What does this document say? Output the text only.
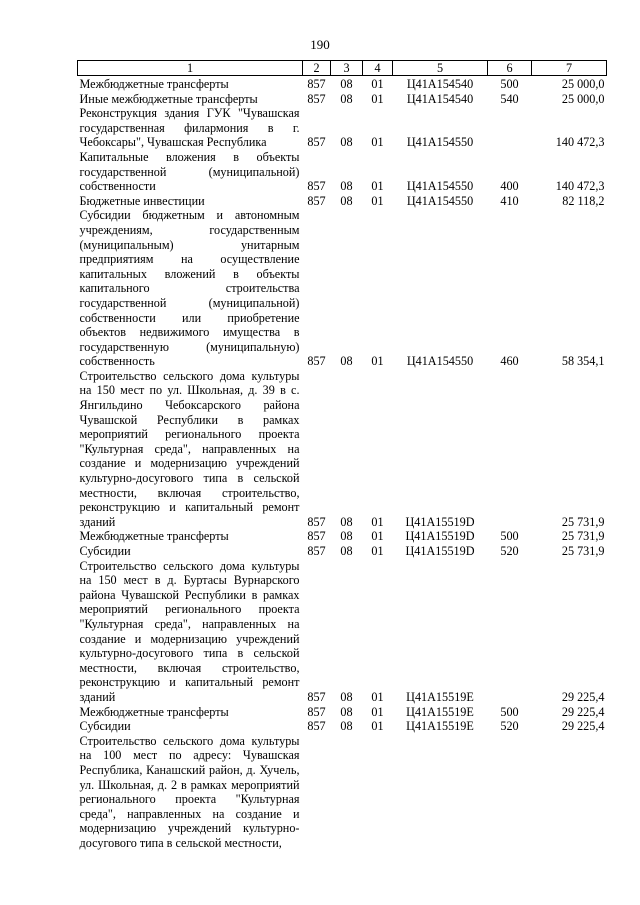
190
1	2	3	4	5	6	7
Межбюджетные трансферты	857	08	01	Ц41A154540	500	25 000,0
Иные межбюджетные трансферты	857	08	01	Ц41A154540	540	25 000,0
Реконструкция здания ГУК "Чувашская государственная филармония в г. Чебоксары", Чувашская Республика	857	08	01	Ц41A154550		140 472,3
Капитальные вложения в объекты государственной (муниципальной) собственности	857	08	01	Ц41A154550	400	140 472,3
Бюджетные инвестиции	857	08	01	Ц41A154550	410	82 118,2
Субсидии бюджетным и автономным учреждениям, государственным (муниципальным) унитарным предприятиям на осуществление капитальных вложений в объекты капитального строительства государственной (муниципальной) собственности или приобретение объектов недвижимого имущества в государственную (муниципальную) собственность	857	08	01	Ц41A154550	460	58 354,1
Строительство сельского дома культуры на 150 мест по ул. Школьная, д. 39 в с. Янгильдино Чебоксарского района Чувашской Республики в рамках мероприятий регионального проекта "Культурная среда", направленных на создание и модернизацию учреждений культурно-досугового типа в сельской местности, включая строительство, реконструкцию и капитальный ремонт зданий	857	08	01	Ц41A15519D		25 731,9
Межбюджетные трансферты	857	08	01	Ц41A15519D	500	25 731,9
Субсидии	857	08	01	Ц41A15519D	520	25 731,9
Строительство сельского дома культуры на 150 мест в д. Буртасы Вурнарского района Чувашской Республики в рамках мероприятий регионального проекта "Культурная среда", направленных на создание и модернизацию учреждений культурно-досугового типа в сельской местности, включая строительство, реконструкцию и капитальный ремонт зданий	857	08	01	Ц41A15519E		29 225,4
Межбюджетные трансферты	857	08	01	Ц41A15519E	500	29 225,4
Субсидии	857	08	01	Ц41A15519E	520	29 225,4
Строительство сельского дома культуры на 100 мест по адресу: Чувашская Республика, Канашский район, д. Хучель, ул. Школьная, д. 2 в рамках мероприятий регионального проекта "Культурная среда", направленных на создание и модернизацию учреждений культурно-досугового типа в сельской местности,						
